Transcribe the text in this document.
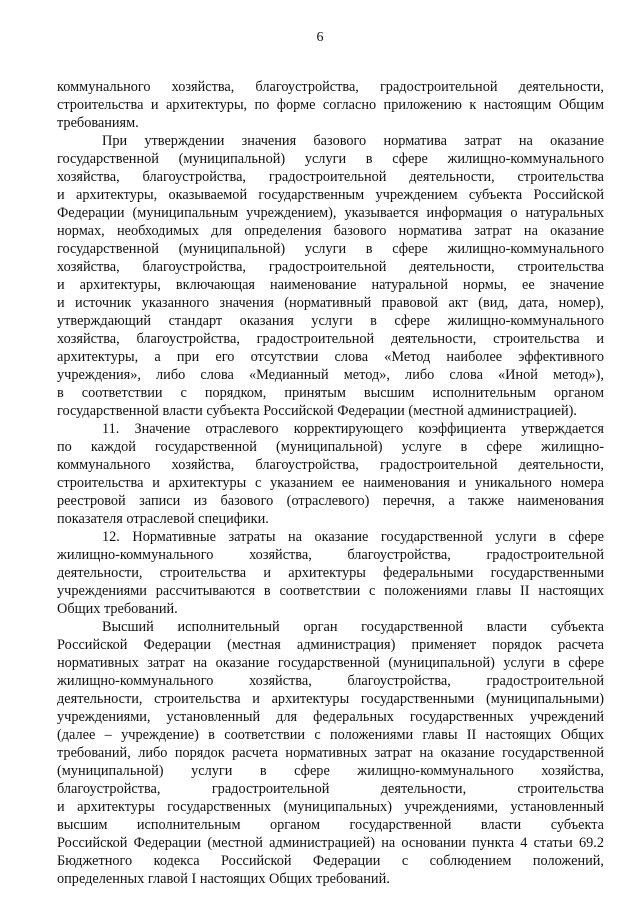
6
коммунального хозяйства, благоустройства, градостроительной деятельности,
строительства и архитектуры, по форме согласно приложению к настоящим Общим
требованиям.
При утверждении значения базового норматива затрат на оказание
государственной (муниципальной) услуги в сфере жилищно-коммунального
хозяйства, благоустройства, градостроительной деятельности, строительства
и архитектуры, оказываемой государственным учреждением субъекта Российской
Федерации (муниципальным учреждением), указывается информация о натуральных
нормах, необходимых для определения базового норматива затрат на оказание
государственной (муниципальной) услуги в сфере жилищно-коммунального
хозяйства, благоустройства, градостроительной деятельности, строительства
и архитектуры, включающая наименование натуральной нормы, ее значение
и источник указанного значения (нормативный правовой акт (вид, дата, номер),
утверждающий стандарт оказания услуги в сфере жилищно-коммунального
хозяйства, благоустройства, градостроительной деятельности, строительства и
архитектуры, а при его отсутствии слова «Метод наиболее эффективного
учреждения», либо слова «Медианный метод», либо слова «Иной метод»),
в соответствии с порядком, принятым высшим исполнительным органом
государственной власти субъекта Российской Федерации (местной администрацией).
11. Значение отраслевого корректирующего коэффициента утверждается
по каждой государственной (муниципальной) услуге в сфере жилищно-
коммунального хозяйства, благоустройства, градостроительной деятельности,
строительства и архитектуры с указанием ее наименования и уникального номера
реестровой записи из базового (отраслевого) перечня, а также наименования
показателя отраслевой специфики.
12. Нормативные затраты на оказание государственной услуги в сфере
жилищно-коммунального хозяйства, благоустройства, градостроительной
деятельности, строительства и архитектуры федеральными государственными
учреждениями рассчитываются в соответствии с положениями главы II настоящих
Общих требований.
Высший исполнительный орган государственной власти субъекта
Российской Федерации (местная администрация) применяет порядок расчета
нормативных затрат на оказание государственной (муниципальной) услуги в сфере
жилищно-коммунального хозяйства, благоустройства, градостроительной
деятельности, строительства и архитектуры государственными (муниципальными)
учреждениями, установленный для федеральных государственных учреждений
(далее – учреждение) в соответствии с положениями главы II настоящих Общих
требований, либо порядок расчета нормативных затрат на оказание государственной
(муниципальной) услуги в сфере жилищно-коммунального хозяйства,
благоустройства, градостроительной деятельности, строительства
и архитектуры государственных (муниципальных) учреждениями, установленный
высшим исполнительным органом государственной власти субъекта
Российской Федерации (местной администрацией) на основании пункта 4 статьи 69.2
Бюджетного кодекса Российской Федерации с соблюдением положений,
определенных главой I настоящих Общих требований.
